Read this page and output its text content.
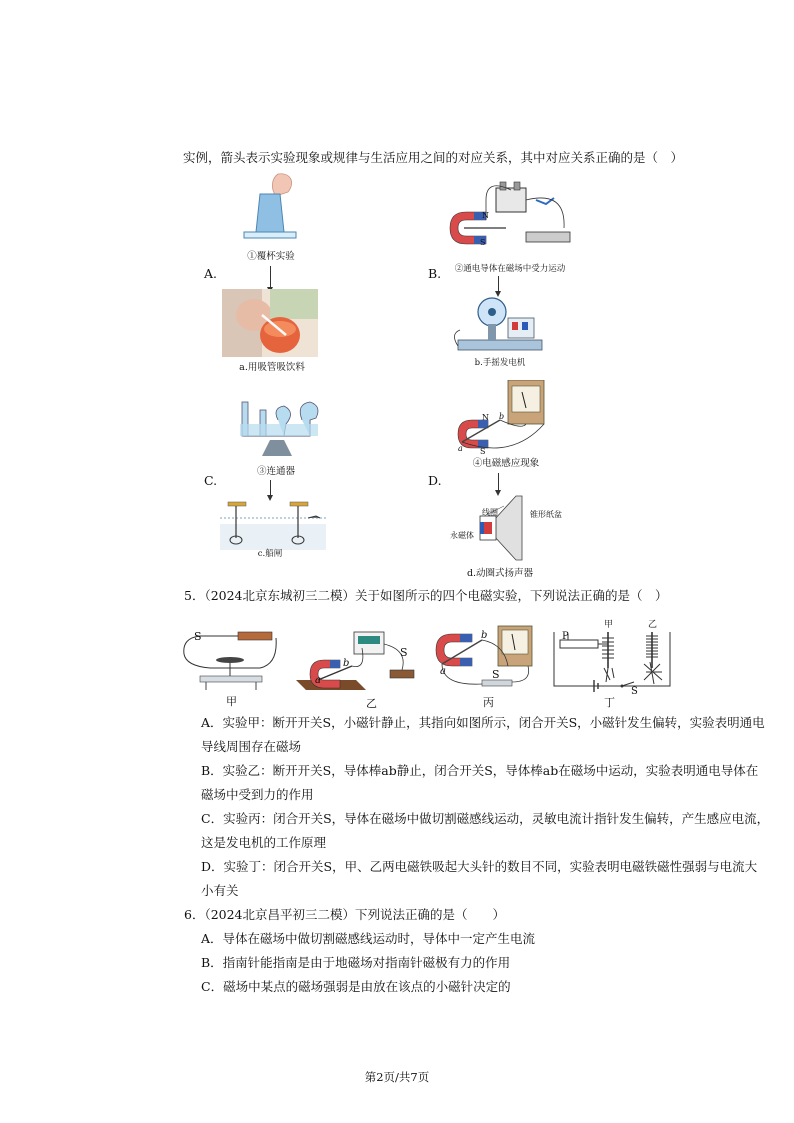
实例，箭头表示实验现象或规律与生活应用之间的对应关系，其中对应关系正确的是（　）
A.
①覆杯实验
a.用吸管吸饮料
B.
N
S
②通电导体在磁场中受力运动
b.手摇发电机
C.
③连通器
c.船闸
D.
N
S
b
a
④电磁感应现象
线圈	锥形纸盆
永磁体
d.动圈式扬声器
5．（2024北京东城初三二模）关于如图所示的四个电磁实验，下列说法正确的是（　）
S
甲
b
a
S
乙
b
a	S
丙
P
甲	乙
S
丁
A．实验甲：断开开关S，小磁针静止，其指向如图所示，闭合开关S，小磁针发生偏转，实验表明通电
导线周围存在磁场
B．实验乙：断开开关S，导体棒ab静止，闭合开关S，导体棒ab在磁场中运动，实验表明通电导体在
磁场中受到力的作用
C．实验丙：闭合开关S，导体在磁场中做切割磁感线运动，灵敏电流计指针发生偏转，产生感应电流，
这是发电机的工作原理
D．实验丁：闭合开关S，甲、乙两电磁铁吸起大头针的数目不同，实验表明电磁铁磁性强弱与电流大
小有关
6．（2024北京昌平初三二模）下列说法正确的是（　　）
A．导体在磁场中做切割磁感线运动时，导体中一定产生电流
B．指南针能指南是由于地磁场对指南针磁极有力的作用
C．磁场中某点的磁场强弱是由放在该点的小磁针决定的
第2页/共7页
